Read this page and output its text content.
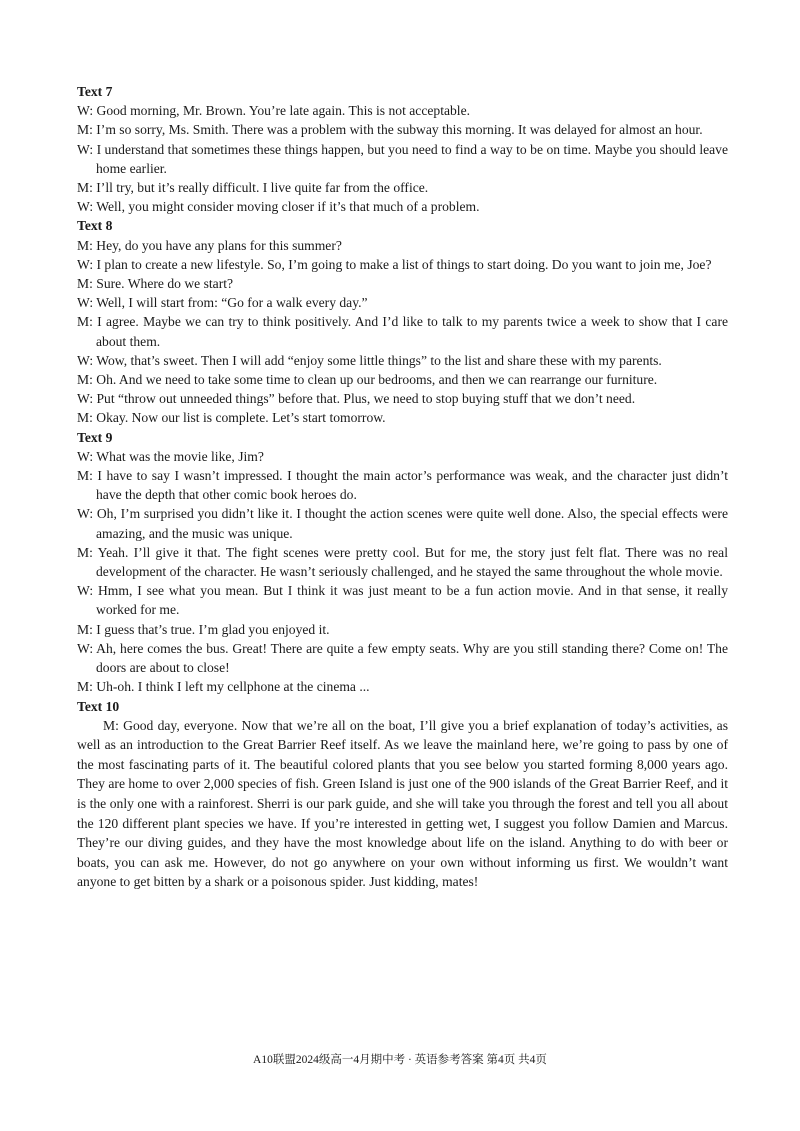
Text 7

W: Good morning, Mr. Brown. You’re late again. This is not acceptable.

M: I’m so sorry, Ms. Smith. There was a problem with the subway this morning. It was delayed for almost an hour.

W: I understand that sometimes these things happen, but you need to find a way to be on time. Maybe you should leave home earlier.

M: I’ll try, but it’s really difficult. I live quite far from the office.

W: Well, you might consider moving closer if it’s that much of a problem.

Text 8

M: Hey, do you have any plans for this summer?

W: I plan to create a new lifestyle. So, I’m going to make a list of things to start doing. Do you want to join me, Joe?

M: Sure. Where do we start?

W: Well, I will start from: “Go for a walk every day.”

M: I agree. Maybe we can try to think positively. And I’d like to talk to my parents twice a week to show that I care about them.

W: Wow, that’s sweet. Then I will add “enjoy some little things” to the list and share these with my parents.

M: Oh. And we need to take some time to clean up our bedrooms, and then we can rearrange our furniture.

W: Put “throw out unneeded things” before that. Plus, we need to stop buying stuff that we don’t need.

M: Okay. Now our list is complete. Let’s start tomorrow.

Text 9

W: What was the movie like, Jim?

M: I have to say I wasn’t impressed. I thought the main actor’s performance was weak, and the character just didn’t have the depth that other comic book heroes do.

W: Oh, I’m surprised you didn’t like it. I thought the action scenes were quite well done. Also, the special effects were amazing, and the music was unique.

M: Yeah. I’ll give it that. The fight scenes were pretty cool. But for me, the story just felt flat. There was no real development of the character. He wasn’t seriously challenged, and he stayed the same throughout the whole movie.

W: Hmm, I see what you mean. But I think it was just meant to be a fun action movie. And in that sense, it really worked for me.

M: I guess that’s true. I’m glad you enjoyed it.

W: Ah, here comes the bus. Great! There are quite a few empty seats. Why are you still standing there? Come on! The doors are about to close!

M: Uh-oh. I think I left my cellphone at the cinema ...

Text 10

M: Good day, everyone. Now that we’re all on the boat, I’ll give you a brief explanation of today’s activities, as well as an introduction to the Great Barrier Reef itself. As we leave the mainland here, we’re going to pass by one of the most fascinating parts of it. The beautiful colored plants that you see below you started forming 8,000 years ago. They are home to over 2,000 species of fish. Green Island is just one of the 900 islands of the Great Barrier Reef, and it is the only one with a rainforest. Sherri is our park guide, and she will take you through the forest and tell you all about the 120 different plant species we have. If you’re interested in getting wet, I suggest you follow Damien and Marcus. They’re our diving guides, and they have the most knowledge about life on the island. Anything to do with beer or boats, you can ask me. However, do not go anywhere on your own without informing us first. We wouldn’t want anyone to get bitten by a shark or a poisonous spider. Just kidding, mates!

A10联盟2024级高一4月期中考 · 英语参考答案 第4页 共4页
